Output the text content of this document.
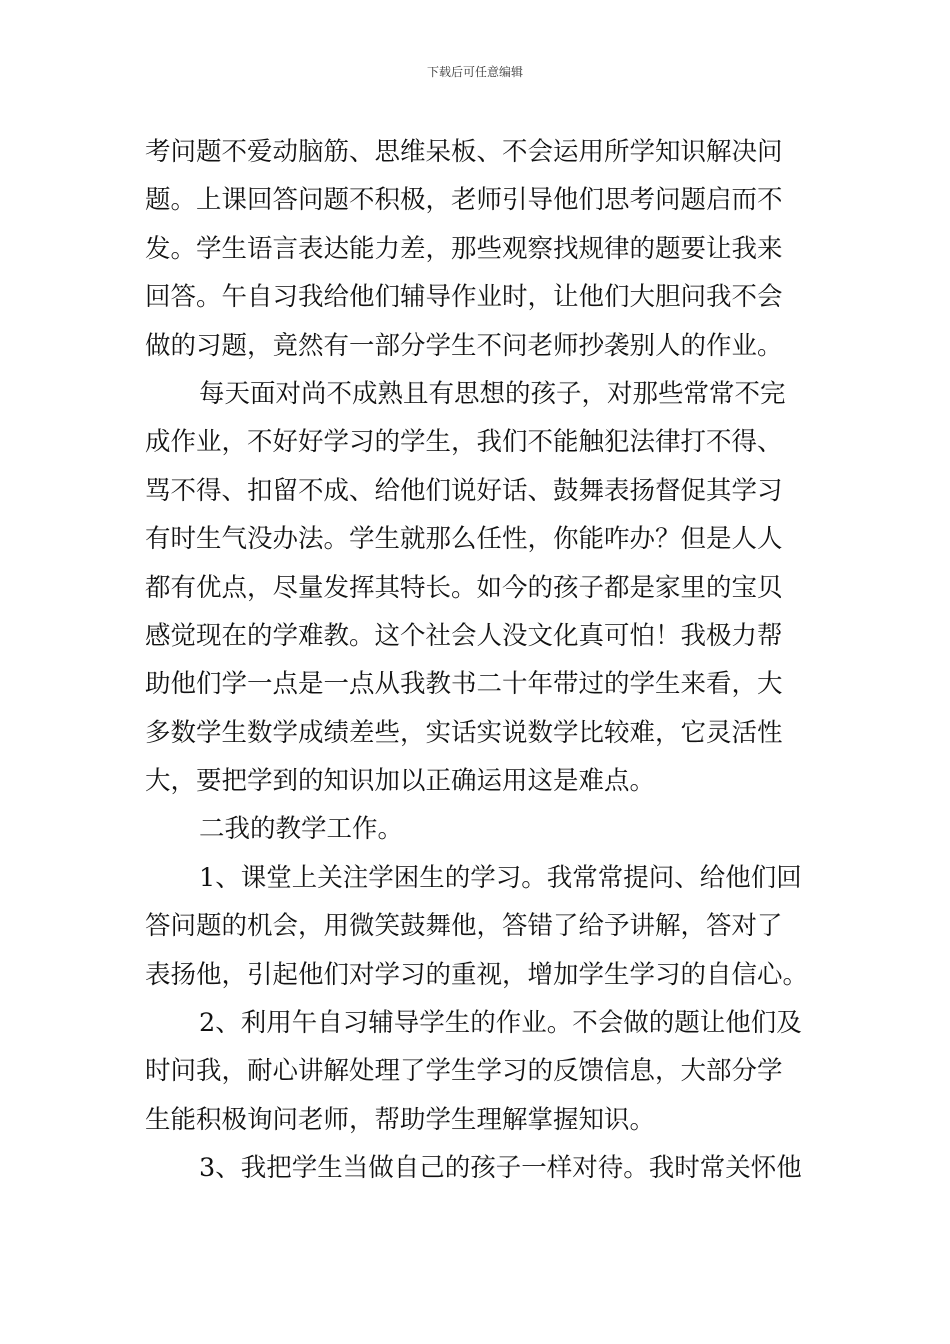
下载后可任意编辑
考问题不爱动脑筋、思维呆板、不会运用所学知识解决问
题。上课回答问题不积极，老师引导他们思考问题启而不
发。学生语言表达能力差，那些观察找规律的题要让我来
回答。午自习我给他们辅导作业时，让他们大胆问我不会
做的习题，竟然有一部分学生不问老师抄袭别人的作业。
每天面对尚不成熟且有思想的孩子，对那些常常不完
成作业，不好好学习的学生，我们不能触犯法律打不得、
骂不得、扣留不成、给他们说好话、鼓舞表扬督促其学习
有时生气没办法。学生就那么任性，你能咋办？但是人人
都有优点，尽量发挥其特长。如今的孩子都是家里的宝贝
感觉现在的学难教。这个社会人没文化真可怕！我极力帮
助他们学一点是一点从我教书二十年带过的学生来看，大
多数学生数学成绩差些，实话实说数学比较难，它灵活性
大，要把学到的知识加以正确运用这是难点。
二我的教学工作。
1、课堂上关注学困生的学习。我常常提问、给他们回
答问题的机会，用微笑鼓舞他，答错了给予讲解，答对了
表扬他，引起他们对学习的重视，增加学生学习的自信心。
2、利用午自习辅导学生的作业。不会做的题让他们及
时问我，耐心讲解处理了学生学习的反馈信息，大部分学
生能积极询问老师，帮助学生理解掌握知识。
3、我把学生当做自己的孩子一样对待。我时常关怀他
